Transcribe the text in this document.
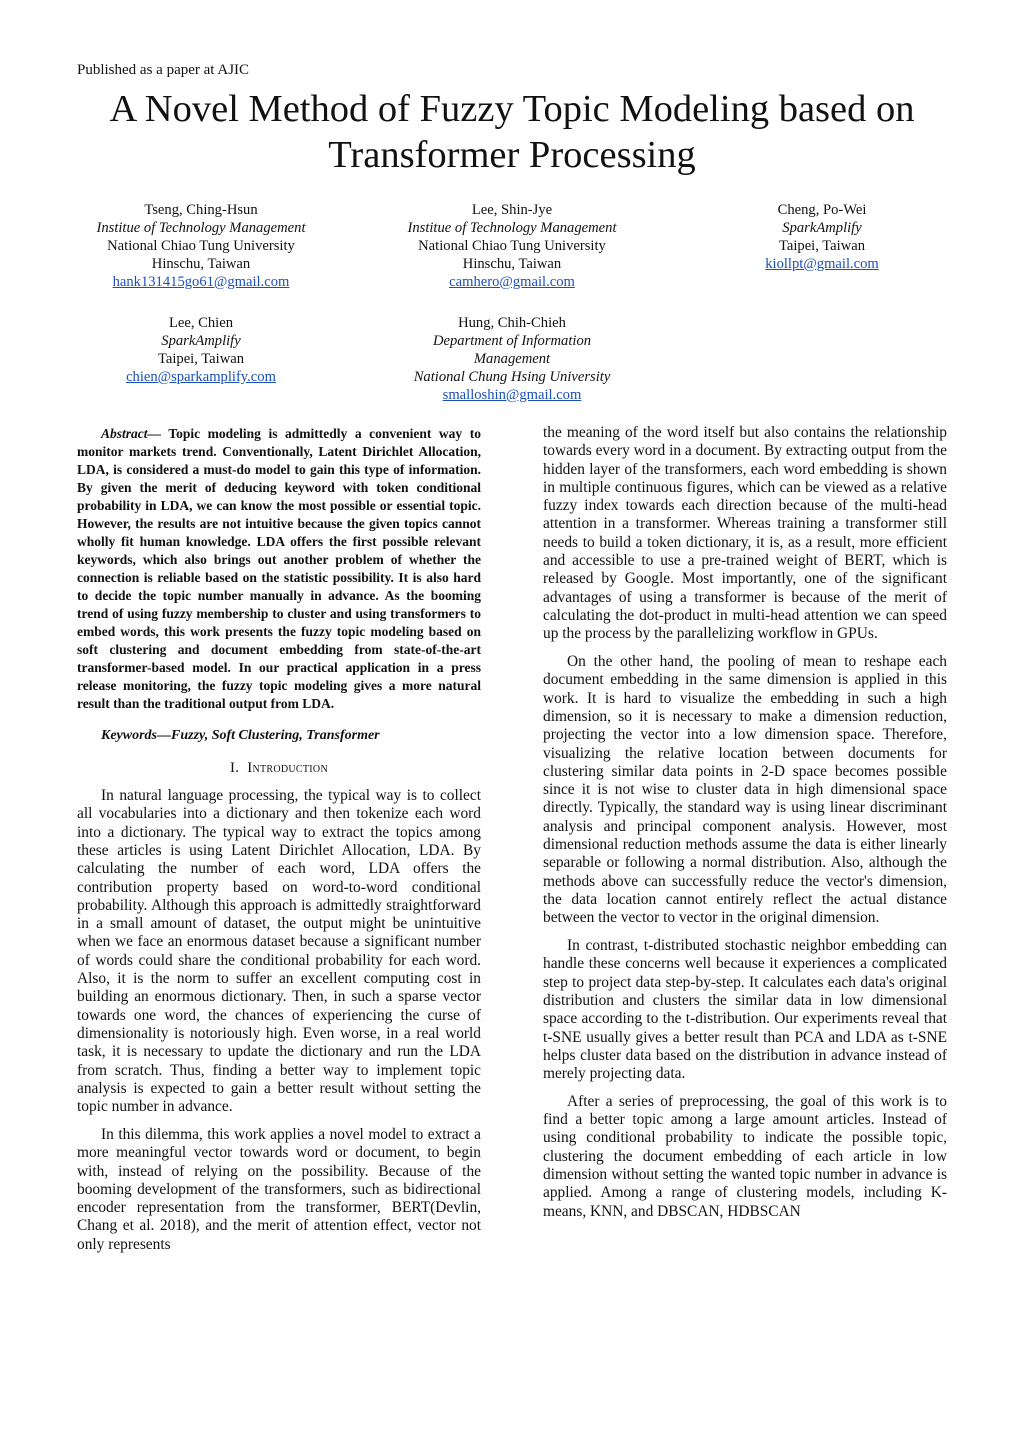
Published as a paper at AJIC
A Novel Method of Fuzzy Topic Modeling based on
Transformer Processing
Tseng, Ching-Hsun
Institue of Technology Management
National Chiao Tung University
Hinschu, Taiwan
hank131415go61@gmail.com
Lee, Shin-Jye
Institue of Technology Management
National Chiao Tung University
Hinschu, Taiwan
camhero@gmail.com
Cheng, Po-Wei
SparkAmplify
Taipei, Taiwan
kiollpt@gmail.com
Lee, Chien
SparkAmplify
Taipei, Taiwan
chien@sparkamplify.com
Hung, Chih-Chieh
Department of Information
Management
National Chung Hsing University
smalloshin@gmail.com

Abstract— Topic modeling is admittedly a convenient way to monitor markets trend. Conventionally, Latent Dirichlet Allocation, LDA, is considered a must-do model to gain this type of information. By given the merit of deducing keyword with token conditional probability in LDA, we can know the most possible or essential topic. However, the results are not intuitive because the given topics cannot wholly fit human knowledge. LDA offers the first possible relevant keywords, which also brings out another problem of whether the connection is reliable based on the statistic possibility. It is also hard to decide the topic number manually in advance. As the booming trend of using fuzzy membership to cluster and using transformers to embed words, this work presents the fuzzy topic modeling based on soft clustering and document embedding from state-of-the-art transformer-based model. In our practical application in a press release monitoring, the fuzzy topic modeling gives a more natural result than the traditional output from LDA.

Keywords—Fuzzy, Soft Clustering, Transformer

I. Introduction

In natural language processing, the typical way is to collect all vocabularies into a dictionary and then tokenize each word into a dictionary. The typical way to extract the topics among these articles is using Latent Dirichlet Allocation, LDA. By calculating the number of each word, LDA offers the contribution property based on word-to-word conditional probability. Although this approach is admittedly straightforward in a small amount of dataset, the output might be unintuitive when we face an enormous dataset because a significant number of words could share the conditional probability for each word. Also, it is the norm to suffer an excellent computing cost in building an enormous dictionary. Then, in such a sparse vector towards one word, the chances of experiencing the curse of dimensionality is notoriously high. Even worse, in a real world task, it is necessary to update the dictionary and run the LDA from scratch. Thus, finding a better way to implement topic analysis is expected to gain a better result without setting the topic number in advance.

In this dilemma, this work applies a novel model to extract a more meaningful vector towards word or document, to begin with, instead of relying on the possibility. Because of the booming development of the transformers, such as bidirectional encoder representation from the transformer, BERT(Devlin, Chang et al. 2018), and the merit of attention effect, vector not only represents

the meaning of the word itself but also contains the relationship towards every word in a document. By extracting output from the hidden layer of the transformers, each word embedding is shown in multiple continuous figures, which can be viewed as a relative fuzzy index towards each direction because of the multi-head attention in a transformer. Whereas training a transformer still needs to build a token dictionary, it is, as a result, more efficient and accessible to use a pre-trained weight of BERT, which is released by Google. Most importantly, one of the significant advantages of using a transformer is because of the merit of calculating the dot-product in multi-head attention we can speed up the process by the parallelizing workflow in GPUs.

On the other hand, the pooling of mean to reshape each document embedding in the same dimension is applied in this work. It is hard to visualize the embedding in such a high dimension, so it is necessary to make a dimension reduction, projecting the vector into a low dimension space. Therefore, visualizing the relative location between documents for clustering similar data points in 2-D space becomes possible since it is not wise to cluster data in high dimensional space directly. Typically, the standard way is using linear discriminant analysis and principal component analysis. However, most dimensional reduction methods assume the data is either linearly separable or following a normal distribution. Also, although the methods above can successfully reduce the vector's dimension, the data location cannot entirely reflect the actual distance between the vector to vector in the original dimension.

In contrast, t-distributed stochastic neighbor embedding can handle these concerns well because it experiences a complicated step to project data step-by-step. It calculates each data's original distribution and clusters the similar data in low dimensional space according to the t-distribution. Our experiments reveal that t-SNE usually gives a better result than PCA and LDA as t-SNE helps cluster data based on the distribution in advance instead of merely projecting data.

After a series of preprocessing, the goal of this work is to find a better topic among a large amount articles. Instead of using conditional probability to indicate the possible topic, clustering the document embedding of each article in low dimension without setting the wanted topic number in advance is applied. Among a range of clustering models, including K-means, KNN, and DBSCAN, HDBSCAN
